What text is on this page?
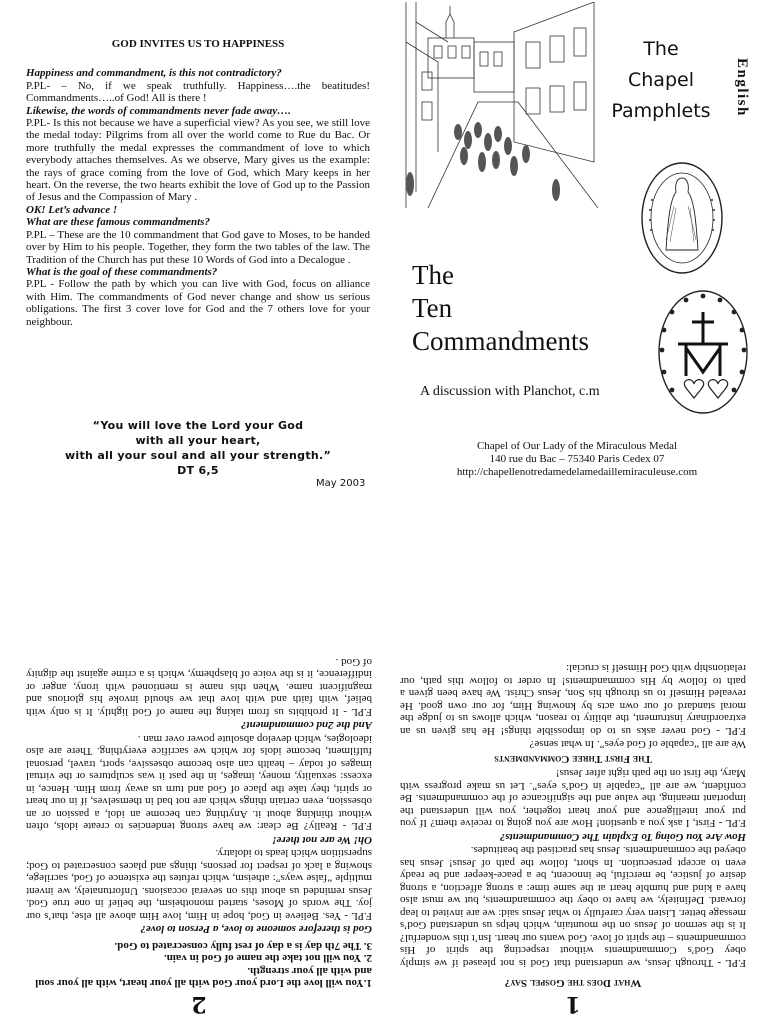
GOD INVITES US TO HAPPINESS

Happiness and commandment, is this not contradictory?

P.PL- – No, if we speak truthfully. Happiness….the beatitudes! Commandments…..of God! All is there !

Likewise, the words of commandments never fade away….

P.PL- Is this not because we have a superficial view? As you see, we still love the medal today: Pilgrims from all over the world come to Rue du Bac. Or more truthfully the medal expresses the commandment of love to which everybody attaches themselves. As we observe, Mary gives us the example: the rays of grace coming from the love of God, which Mary keeps in her heart. On the reverse, the two hearts exhibit the love of God up to the Passion of Jesus and the Compassion of Mary .

OK! Let’s advance !

What are these famous commandments?

P.PL – These are the 10 commandment that God gave to Moses, to be handed over by Him to his people. Together, they form the two tables of the law. The Tradition of the Church has put these 10 Words of God into a Decalogue .

What is the goal of these commandments?

P.PL - Follow the path by which you can live with God, focus on alliance with Him. The commandments of God never change and show us serious obligations. The first 3 cover love for God and the 7 others love for your neighbour.

“You will love the Lord your God
with all your heart,
with all your soul and all your strength.”
DT 6,5
May 2003
The
Chapel
Pamphlets	English
The
Ten
Commandments
A discussion with Planchot, c.m
Chapel of Our Lady of the Miraculous Medal
140 rue du Bac – 75340 Paris Cedex 07
http://chapellenotredamedelamedaillemiraculeuse.com
2
1.You will love the Lord your God with all your heart, with all your soul and with all your strength.
2. You will not take the name of God in vain.
3. The 7th day is a day of rest fully consecrated to God.

God is therefore someone to love, a Person to love?

F.PL - Yes. Believe in God, hope in Him, love Him above all else, that’s our joy. The words of Moses, started monotheism, the belief in one true God. Jesus reminded us about this on several occasions. Unfortunately, we invent multiple “false ways”: atheism, which refutes the existence of God, sacrilege, showing a lack of respect for persons, things and places consecrated to God; superstition which leads to idolatry.

Oh! We are not there!

F.PL - Really? Be clear: we have strong tendencies to create idols, often without thinking about it. Anything can become an idol, a passion or an obsession, even certain things which are not bad in themselves, if in our heart or spirit, they take the place of God and turn us away from Him. Hence, in excess: sexuality, money, images, in the past it was sculptures or the virtual images of today – health can also become obsessive, sport, travel, personal fulfilment, become idols for which we sacrifice everything. There are also ideologies, which develop absolute power over man .

And the 2nd commandment?

F.PL - It prohibits us from taking the name of God lightly. It is only with belief, with faith and with love that we should invoke his glorious and magnificent name. When this name is mentioned with irony, anger or indifference, it is the voice of blasphemy, which is a crime against the dignity of God .

1
What Does the Gospel Say?

F.PL - Through Jesus, we understand that God is not pleased if we simply obey God’s Commandments without respecting the spirit of His commandments – the spirit of love. God wants our heart. Isn’t this wonderful? It is the sermon of Jesus on the mountain, which helps us understand God’s message better. Listen very carefully to what Jesus said: we are invited to leap forward. Definitely, we have to obey the commandments, but we must also have a kind and humble heart at the same time: a strong affection, a strong desire of justice, be merciful, be innocent, be a peace-keeper and be ready even to accept persecution. In short, follow the path of Jesus! Jesus has obeyed the commandments. Jesus has practised the beatitudes.

How Are You Going To Explain The Commandments?

F.PL - First, I ask you a question! How are you going to receive them? If you put your intelligence and your heart together, you will understand the important meaning, the value and the significance of the commandments. Be confident, we are all “capable in God’s eyes”. Let us make progress with Mary, the first on the path right after Jesus!

The First Three Commandments

We are all “capable of God eyes”. In what sense?

F.PL - God never asks us to do impossible things! He has given us an extraordinary instrument, the ability to reason, which allows us to judge the moral standard of our own acts by knowing Him, for our own good. He revealed Himself to us through his Son, Jesus Christ. We have been given a path to follow by His commandments! In order to follow this path, our relationship with God Himself is crucial:
